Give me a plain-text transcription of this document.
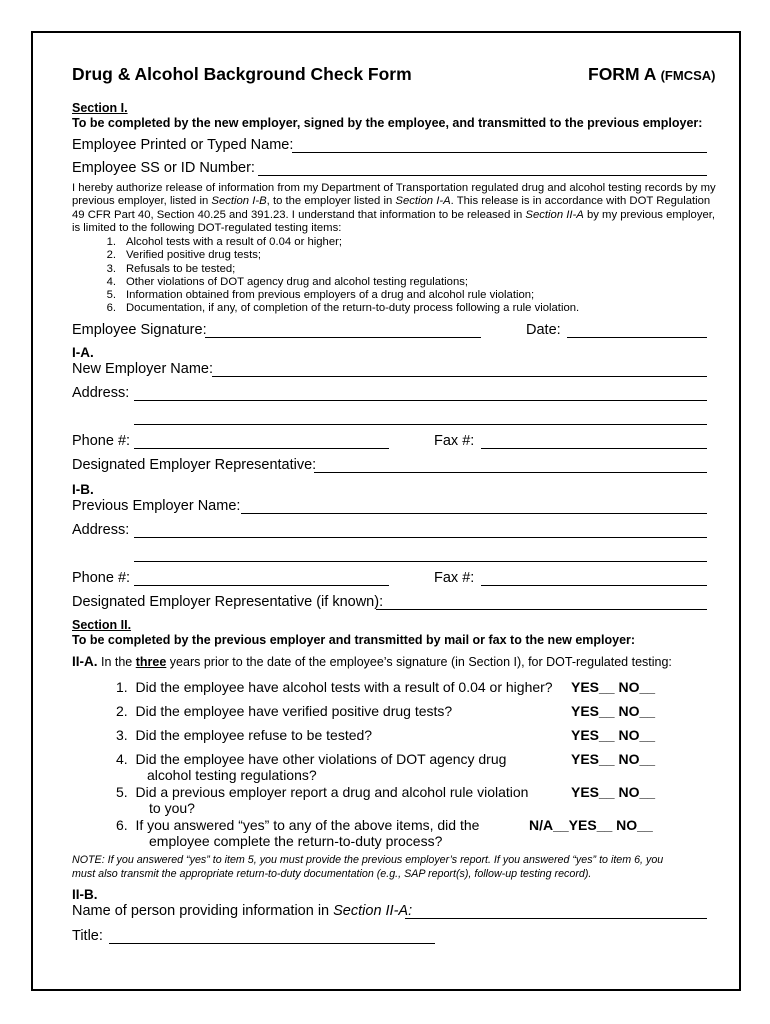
Drug & Alcohol Background Check Form	FORM A (FMCSA)
Section I.
To be completed by the new employer, signed by the employee, and transmitted to the previous employer:
Employee Printed or Typed Name:
Employee SS or ID Number:

I hereby authorize release of information from my Department of Transportation regulated drug and alcohol testing records by my

previous employer, listed in Section I-B, to the employer listed in Section I-A. This release is in accordance with DOT Regulation

49 CFR Part 40, Section 40.25 and 391.23. I understand that information to be released in Section II-A by my previous employer,

is limited to the following DOT-regulated testing items:

1. Alcohol tests with a result of 0.04 or higher;
2. Verified positive drug tests;
3. Refusals to be tested;
4. Other violations of DOT agency drug and alcohol testing regulations;
5. Information obtained from previous employers of a drug and alcohol rule violation;
6. Documentation, if any, of completion of the return-to-duty process following a rule violation.
Employee Signature:	Date:
I-A.
New Employer Name:
Address:
Phone #:	Fax #:
Designated Employer Representative:
I-B.
Previous Employer Name:
Address:
Phone #:	Fax #:
Designated Employer Representative (if known):
Section II.
To be completed by the previous employer and transmitted by mail or fax to the new employer:
II-A. In the three years prior to the date of the employee’s signature (in Section I), for DOT-regulated testing:
1. Did the employee have alcohol tests with a result of 0.04 or higher? YES__ NO__
2. Did the employee have verified positive drug tests?	YES__ NO__
3. Did the employee refuse to be tested?	YES__ NO__
4. Did the employee have other violations of DOT agency drug
alcohol testing regulations?
YES__ NO__
5. Did a previous employer report a drug and alcohol rule violation
to you?
YES__ NO__
6. If you answered “yes” to any of the above items, did the
employee complete the return-to-duty process?
N/A__YES__ NO__

NOTE: If you answered “yes” to item 5, you must provide the previous employer’s report. If you answered “yes” to item 6, you

must also transmit the appropriate return-to-duty documentation (e.g., SAP report(s), follow-up testing record).

II-B.
Name of person providing information in Section II-A:
Title:
